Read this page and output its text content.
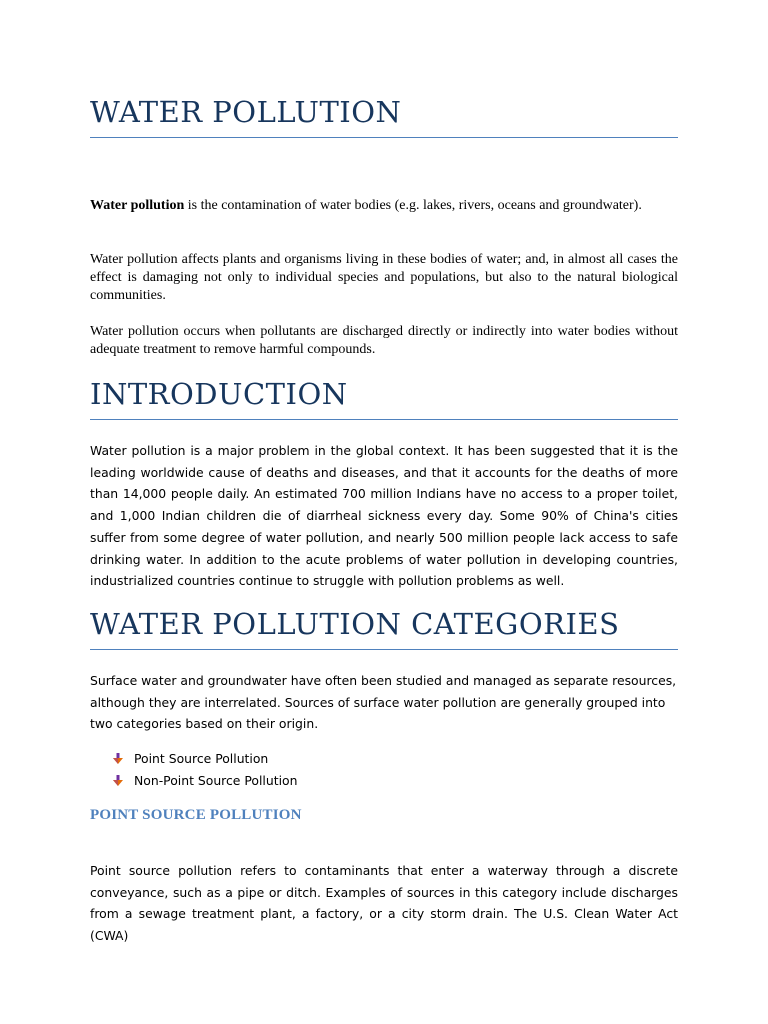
WATER POLLUTION

Water pollution is the contamination of water bodies (e.g. lakes, rivers, oceans and groundwater).

Water pollution affects plants and organisms living in these bodies of water; and, in almost all cases the effect is damaging not only to individual species and populations, but also to the natural biological communities.

Water pollution occurs when pollutants are discharged directly or indirectly into water bodies without adequate treatment to remove harmful compounds.

INTRODUCTION

Water pollution is a major problem in the global context. It has been suggested that it is the leading worldwide cause of deaths and diseases, and that it accounts for the deaths of more than 14,000 people daily. An estimated 700 million Indians have no access to a proper toilet, and 1,000 Indian children die of diarrheal sickness every day. Some 90% of China's cities suffer from some degree of water pollution, and nearly 500 million people lack access to safe drinking water. In addition to the acute problems of water pollution in developing countries, industrialized countries continue to struggle with pollution problems as well.

WATER POLLUTION CATEGORIES

Surface water and groundwater have often been studied and managed as separate resources, although they are interrelated. Sources of surface water pollution are generally grouped into two categories based on their origin.

Point Source Pollution
Non-Point Source Pollution
POINT SOURCE POLLUTION

Point source pollution refers to contaminants that enter a waterway through a discrete conveyance, such as a pipe or ditch. Examples of sources in this category include discharges from a sewage treatment plant, a factory, or a city storm drain. The U.S. Clean Water Act (CWA)
